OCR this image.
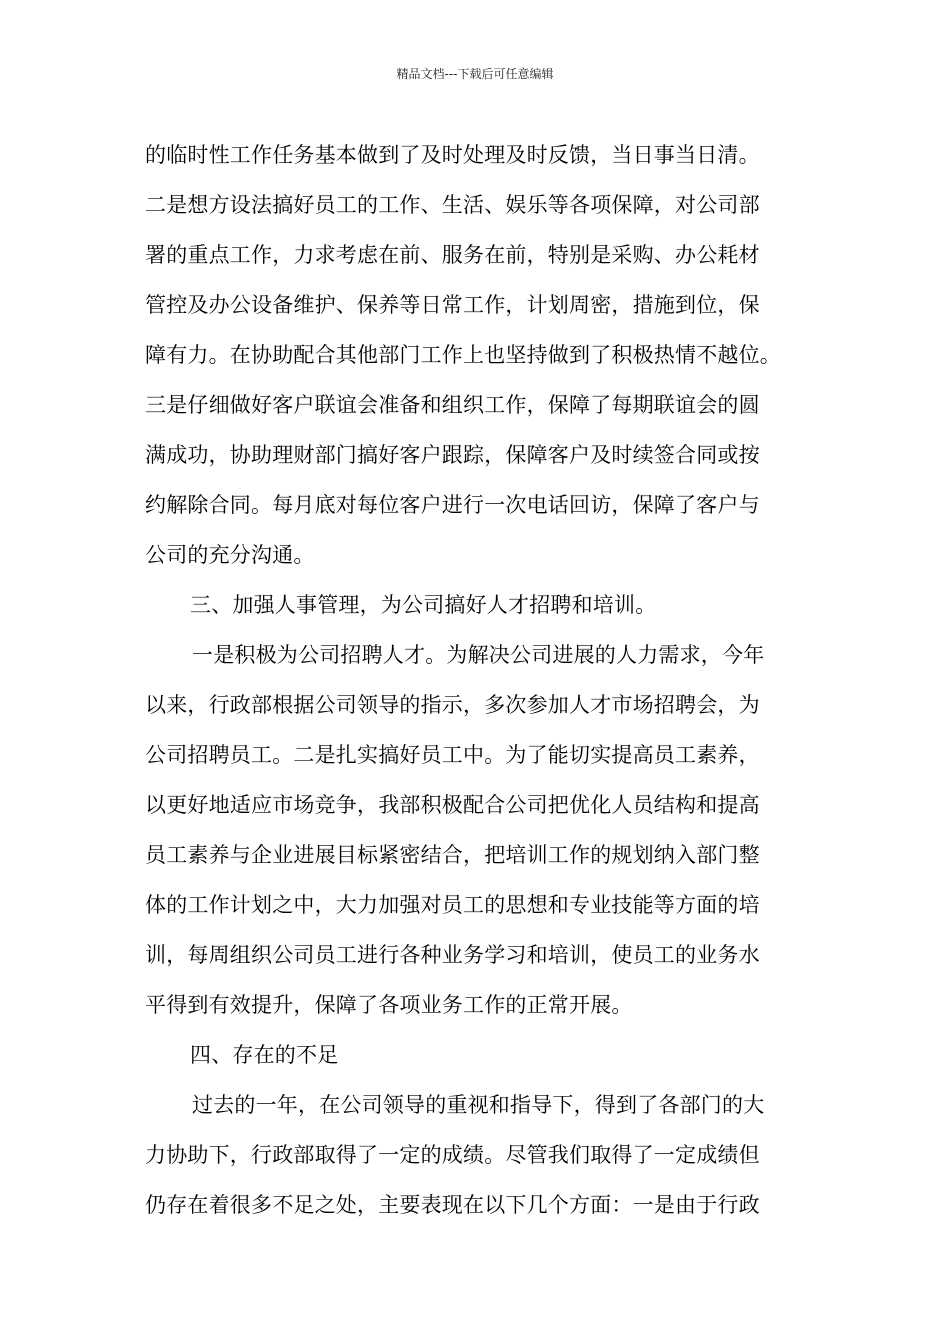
精品文档---下载后可任意编辑
的临时性工作任务基本做到了及时处理及时反馈，当日事当日清。
二是想方设法搞好员工的工作、生活、娱乐等各项保障，对公司部
署的重点工作，力求考虑在前、服务在前，特别是采购、办公耗材
管控及办公设备维护、保养等日常工作，计划周密，措施到位，保
障有力。在协助配合其他部门工作上也坚持做到了积极热情不越位。
三是仔细做好客户联谊会准备和组织工作，保障了每期联谊会的圆
满成功，协助理财部门搞好客户跟踪，保障客户及时续签合同或按
约解除合同。每月底对每位客户进行一次电话回访，保障了客户与
公司的充分沟通。
三、加强人事管理，为公司搞好人才招聘和培训。
一是积极为公司招聘人才。为解决公司进展的人力需求，今年
以来，行政部根据公司领导的指示，多次参加人才市场招聘会，为
公司招聘员工。二是扎实搞好员工中。为了能切实提高员工素养，
以更好地适应市场竞争，我部积极配合公司把优化人员结构和提高
员工素养与企业进展目标紧密结合，把培训工作的规划纳入部门整
体的工作计划之中，大力加强对员工的思想和专业技能等方面的培
训，每周组织公司员工进行各种业务学习和培训，使员工的业务水
平得到有效提升，保障了各项业务工作的正常开展。
四、存在的不足
过去的一年，在公司领导的重视和指导下，得到了各部门的大
力协助下，行政部取得了一定的成绩。尽管我们取得了一定成绩但
仍存在着很多不足之处，主要表现在以下几个方面：一是由于行政
